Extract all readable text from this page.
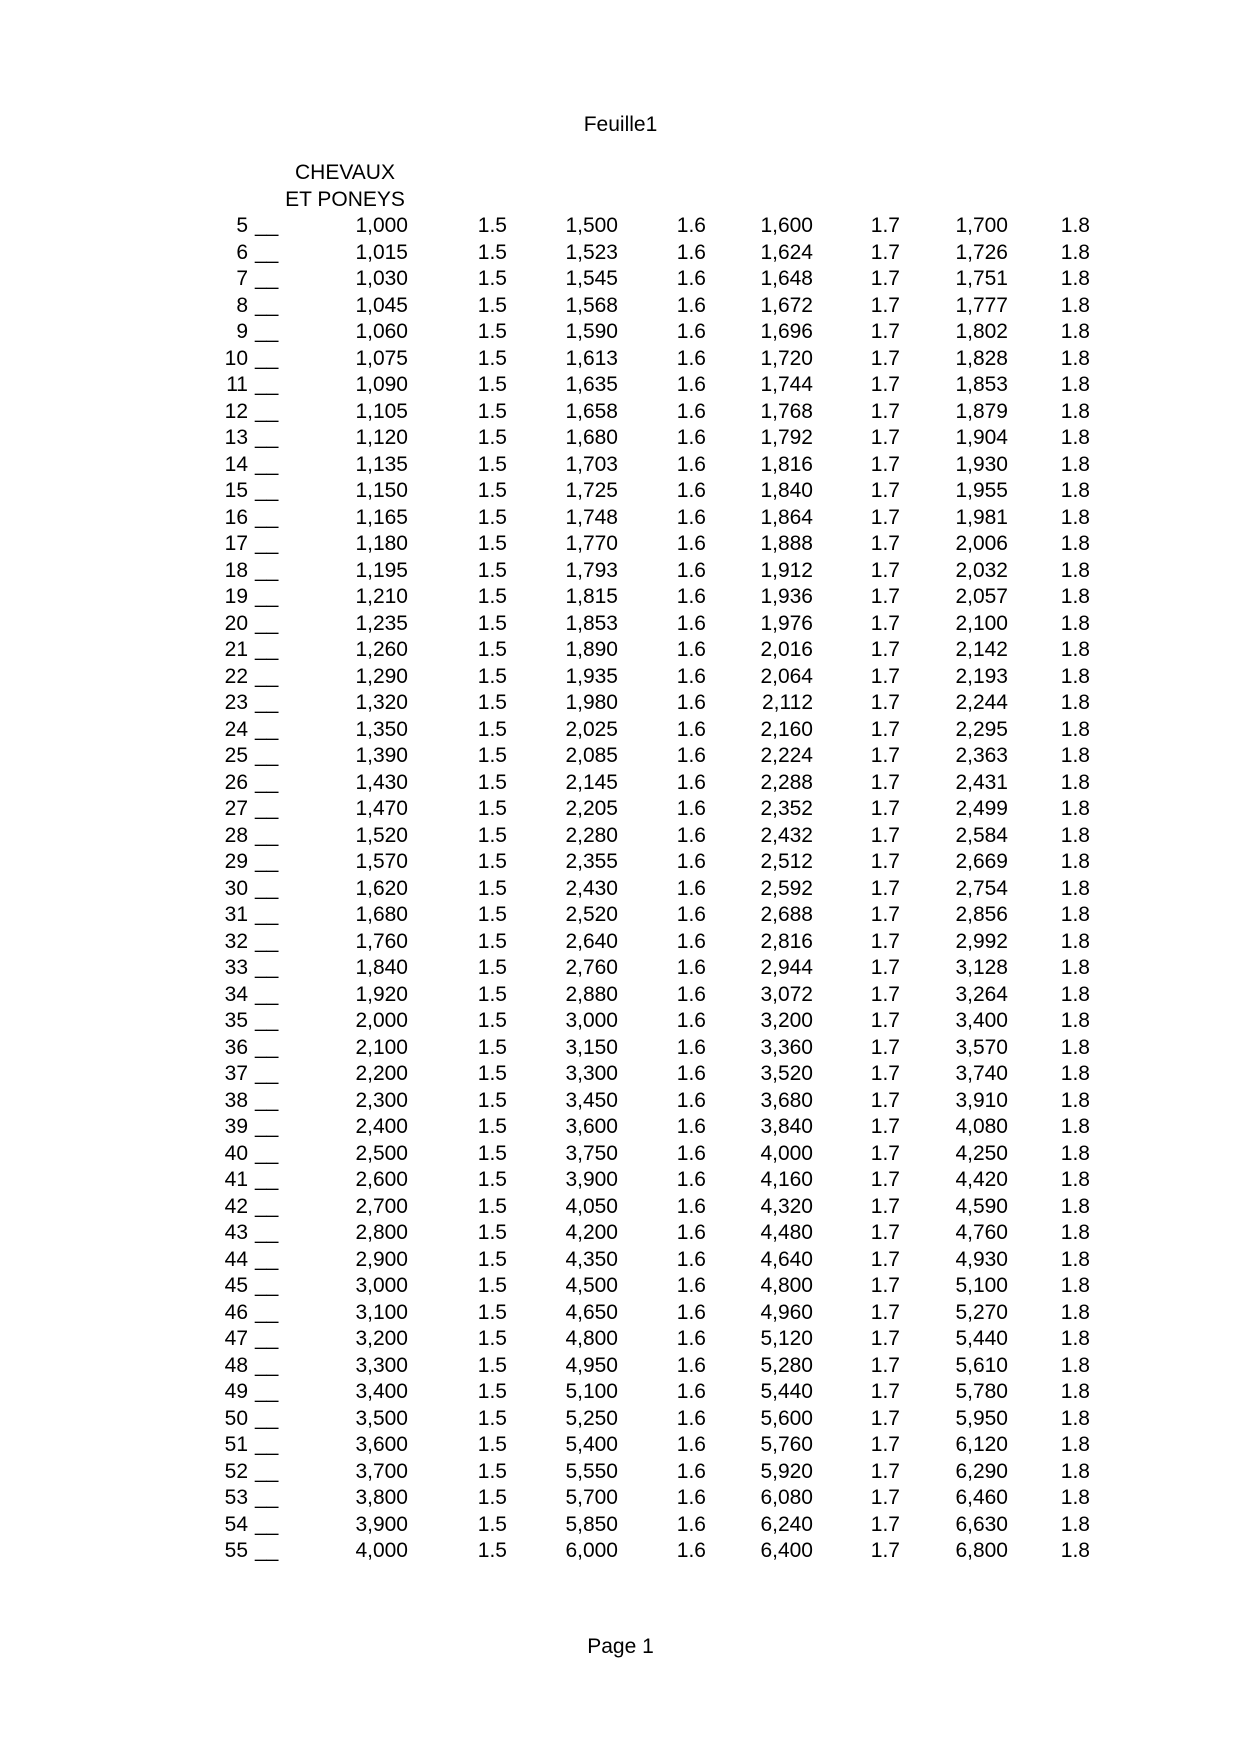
Feuille1
		CHEVAUX							
		ET PONEYS							
5	__	1,000	1.5	1,500	1.6	1,600	1.7	1,700	1.8
6	__	1,015	1.5	1,523	1.6	1,624	1.7	1,726	1.8
7	__	1,030	1.5	1,545	1.6	1,648	1.7	1,751	1.8
8	__	1,045	1.5	1,568	1.6	1,672	1.7	1,777	1.8
9	__	1,060	1.5	1,590	1.6	1,696	1.7	1,802	1.8
10	__	1,075	1.5	1,613	1.6	1,720	1.7	1,828	1.8
11	__	1,090	1.5	1,635	1.6	1,744	1.7	1,853	1.8
12	__	1,105	1.5	1,658	1.6	1,768	1.7	1,879	1.8
13	__	1,120	1.5	1,680	1.6	1,792	1.7	1,904	1.8
14	__	1,135	1.5	1,703	1.6	1,816	1.7	1,930	1.8
15	__	1,150	1.5	1,725	1.6	1,840	1.7	1,955	1.8
16	__	1,165	1.5	1,748	1.6	1,864	1.7	1,981	1.8
17	__	1,180	1.5	1,770	1.6	1,888	1.7	2,006	1.8
18	__	1,195	1.5	1,793	1.6	1,912	1.7	2,032	1.8
19	__	1,210	1.5	1,815	1.6	1,936	1.7	2,057	1.8
20	__	1,235	1.5	1,853	1.6	1,976	1.7	2,100	1.8
21	__	1,260	1.5	1,890	1.6	2,016	1.7	2,142	1.8
22	__	1,290	1.5	1,935	1.6	2,064	1.7	2,193	1.8
23	__	1,320	1.5	1,980	1.6	2,112	1.7	2,244	1.8
24	__	1,350	1.5	2,025	1.6	2,160	1.7	2,295	1.8
25	__	1,390	1.5	2,085	1.6	2,224	1.7	2,363	1.8
26	__	1,430	1.5	2,145	1.6	2,288	1.7	2,431	1.8
27	__	1,470	1.5	2,205	1.6	2,352	1.7	2,499	1.8
28	__	1,520	1.5	2,280	1.6	2,432	1.7	2,584	1.8
29	__	1,570	1.5	2,355	1.6	2,512	1.7	2,669	1.8
30	__	1,620	1.5	2,430	1.6	2,592	1.7	2,754	1.8
31	__	1,680	1.5	2,520	1.6	2,688	1.7	2,856	1.8
32	__	1,760	1.5	2,640	1.6	2,816	1.7	2,992	1.8
33	__	1,840	1.5	2,760	1.6	2,944	1.7	3,128	1.8
34	__	1,920	1.5	2,880	1.6	3,072	1.7	3,264	1.8
35	__	2,000	1.5	3,000	1.6	3,200	1.7	3,400	1.8
36	__	2,100	1.5	3,150	1.6	3,360	1.7	3,570	1.8
37	__	2,200	1.5	3,300	1.6	3,520	1.7	3,740	1.8
38	__	2,300	1.5	3,450	1.6	3,680	1.7	3,910	1.8
39	__	2,400	1.5	3,600	1.6	3,840	1.7	4,080	1.8
40	__	2,500	1.5	3,750	1.6	4,000	1.7	4,250	1.8
41	__	2,600	1.5	3,900	1.6	4,160	1.7	4,420	1.8
42	__	2,700	1.5	4,050	1.6	4,320	1.7	4,590	1.8
43	__	2,800	1.5	4,200	1.6	4,480	1.7	4,760	1.8
44	__	2,900	1.5	4,350	1.6	4,640	1.7	4,930	1.8
45	__	3,000	1.5	4,500	1.6	4,800	1.7	5,100	1.8
46	__	3,100	1.5	4,650	1.6	4,960	1.7	5,270	1.8
47	__	3,200	1.5	4,800	1.6	5,120	1.7	5,440	1.8
48	__	3,300	1.5	4,950	1.6	5,280	1.7	5,610	1.8
49	__	3,400	1.5	5,100	1.6	5,440	1.7	5,780	1.8
50	__	3,500	1.5	5,250	1.6	5,600	1.7	5,950	1.8
51	__	3,600	1.5	5,400	1.6	5,760	1.7	6,120	1.8
52	__	3,700	1.5	5,550	1.6	5,920	1.7	6,290	1.8
53	__	3,800	1.5	5,700	1.6	6,080	1.7	6,460	1.8
54	__	3,900	1.5	5,850	1.6	6,240	1.7	6,630	1.8
55	__	4,000	1.5	6,000	1.6	6,400	1.7	6,800	1.8
Page 1
